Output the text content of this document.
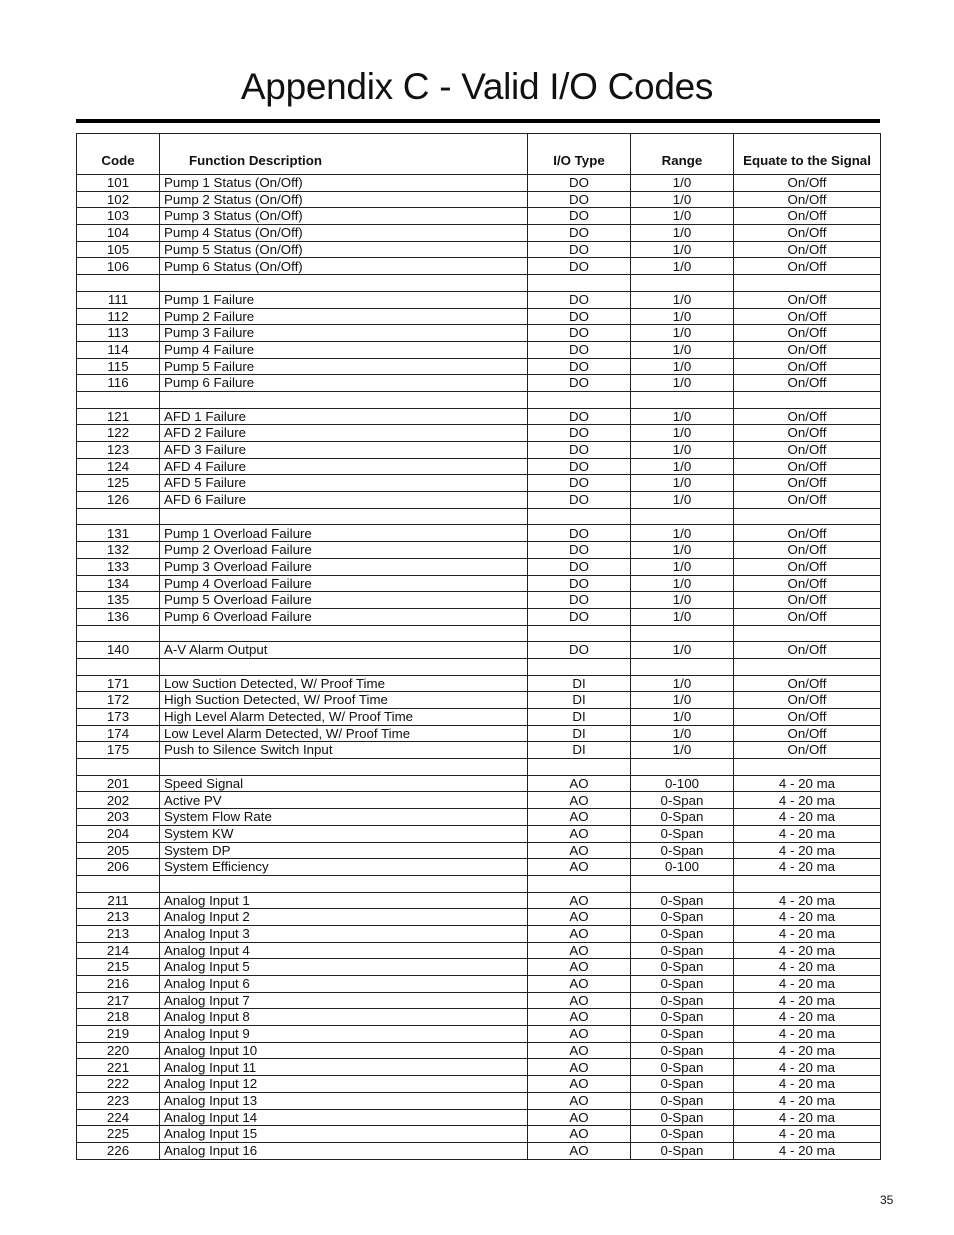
Appendix C - Valid I/O Codes
Code	Function Description	I/O Type	Range	Equate to the Signal
101	Pump 1 Status (On/Off)	DO	1/0	On/Off
102	Pump 2 Status (On/Off)	DO	1/0	On/Off
103	Pump 3 Status (On/Off)	DO	1/0	On/Off
104	Pump 4 Status (On/Off)	DO	1/0	On/Off
105	Pump 5 Status (On/Off)	DO	1/0	On/Off
106	Pump 6 Status (On/Off)	DO	1/0	On/Off

111	Pump 1 Failure	DO	1/0	On/Off
112	Pump 2 Failure	DO	1/0	On/Off
113	Pump 3 Failure	DO	1/0	On/Off
114	Pump 4 Failure	DO	1/0	On/Off
115	Pump 5 Failure	DO	1/0	On/Off
116	Pump 6 Failure	DO	1/0	On/Off

121	AFD 1 Failure	DO	1/0	On/Off
122	AFD 2 Failure	DO	1/0	On/Off
123	AFD 3 Failure	DO	1/0	On/Off
124	AFD 4 Failure	DO	1/0	On/Off
125	AFD 5 Failure	DO	1/0	On/Off
126	AFD 6 Failure	DO	1/0	On/Off

131	Pump 1 Overload Failure	DO	1/0	On/Off
132	Pump 2 Overload Failure	DO	1/0	On/Off
133	Pump 3 Overload Failure	DO	1/0	On/Off
134	Pump 4 Overload Failure	DO	1/0	On/Off
135	Pump 5 Overload Failure	DO	1/0	On/Off
136	Pump 6 Overload Failure	DO	1/0	On/Off

140	A-V Alarm Output	DO	1/0	On/Off

171	Low Suction Detected, W/ Proof Time	DI	1/0	On/Off
172	High Suction Detected, W/ Proof Time	DI	1/0	On/Off
173	High Level Alarm Detected, W/ Proof Time	DI	1/0	On/Off
174	Low Level Alarm Detected, W/ Proof Time	DI	1/0	On/Off
175	Push to Silence Switch Input	DI	1/0	On/Off

201	Speed Signal	AO	0-100	4 - 20 ma
202	Active PV	AO	0-Span	4 - 20 ma
203	System Flow Rate	AO	0-Span	4 - 20 ma
204	System KW	AO	0-Span	4 - 20 ma
205	System DP	AO	0-Span	4 - 20 ma
206	System Efficiency	AO	0-100	4 - 20 ma

211	Analog Input 1	AO	0-Span	4 - 20 ma
213	Analog Input 2	AO	0-Span	4 - 20 ma
213	Analog Input 3	AO	0-Span	4 - 20 ma
214	Analog Input 4	AO	0-Span	4 - 20 ma
215	Analog Input 5	AO	0-Span	4 - 20 ma
216	Analog Input 6	AO	0-Span	4 - 20 ma
217	Analog Input 7	AO	0-Span	4 - 20 ma
218	Analog Input 8	AO	0-Span	4 - 20 ma
219	Analog Input 9	AO	0-Span	4 - 20 ma
220	Analog Input 10	AO	0-Span	4 - 20 ma
221	Analog Input 11	AO	0-Span	4 - 20 ma
222	Analog Input 12	AO	0-Span	4 - 20 ma
223	Analog Input 13	AO	0-Span	4 - 20 ma
224	Analog Input 14	AO	0-Span	4 - 20 ma
225	Analog Input 15	AO	0-Span	4 - 20 ma
226	Analog Input 16	AO	0-Span	4 - 20 ma
35
